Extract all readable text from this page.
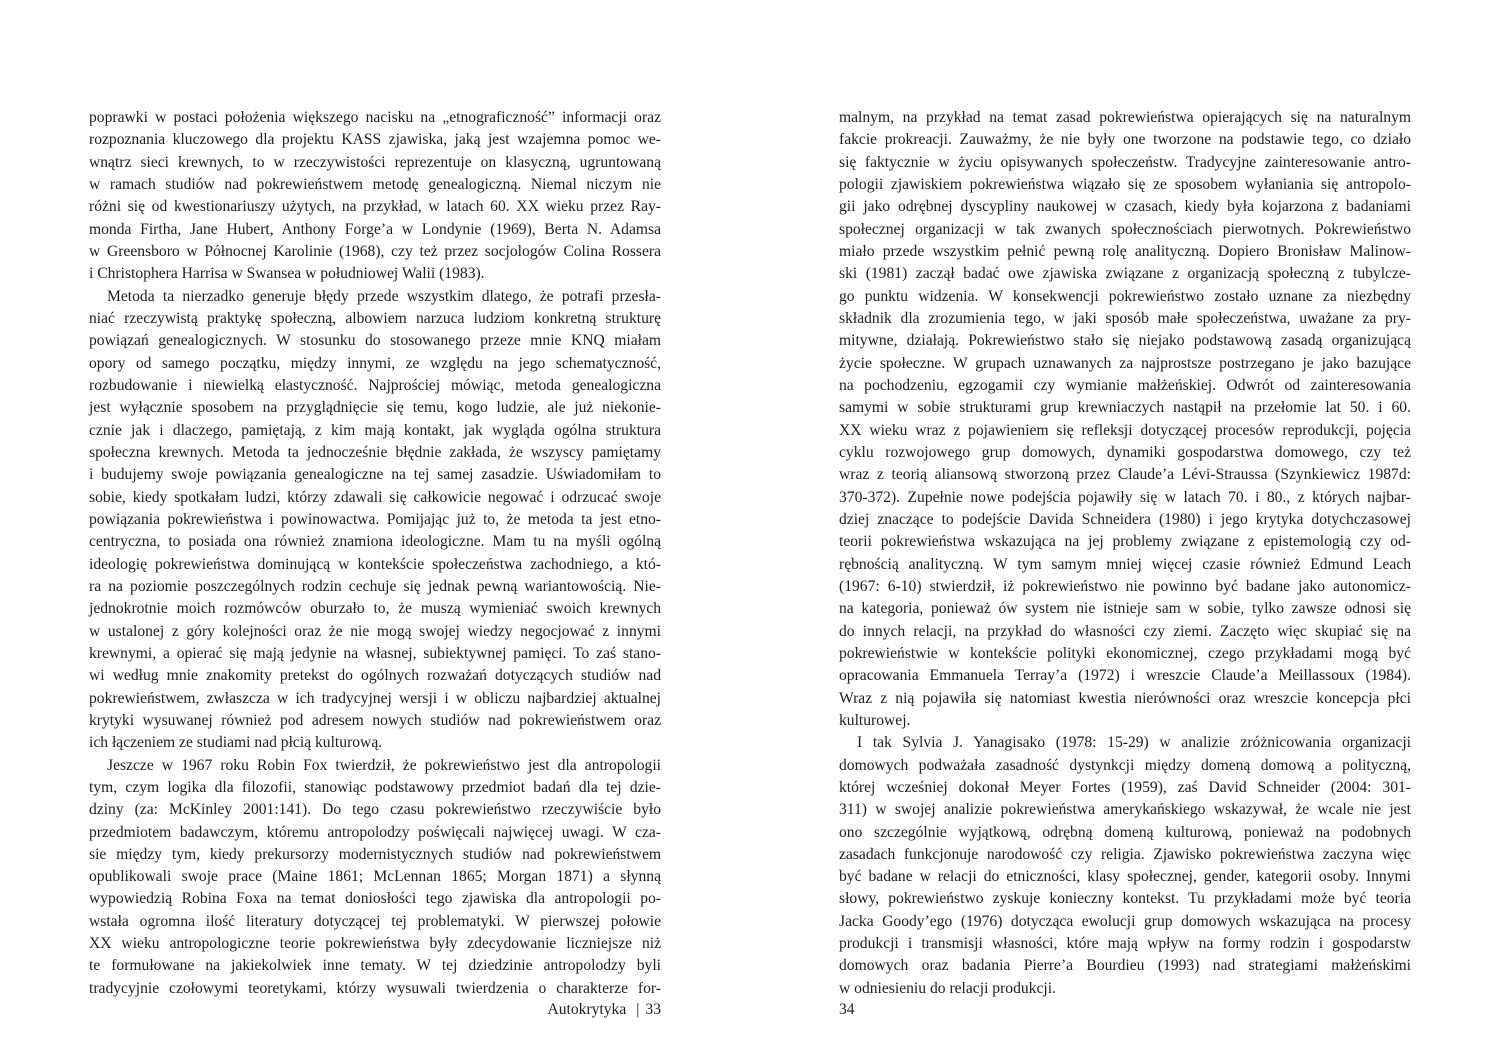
poprawki w postaci położenia większego nacisku na „etnograficzność” informacji oraz
rozpoznania kluczowego dla projektu KASS zjawiska, jaką jest wzajemna pomoc we-
wnątrz sieci krewnych, to w rzeczywistości reprezentuje on klasyczną, ugruntowaną
w ramach studiów nad pokrewieństwem metodę genealogiczną. Niemal niczym nie
różni się od kwestionariuszy użytych, na przykład, w latach 60. XX wieku przez Ray-
monda Firtha, Jane Hubert, Anthony Forge’a w Londynie (1969), Berta N. Adamsa
w Greensboro w Północnej Karolinie (1968), czy też przez socjologów Colina Rossera
i Christophera Harrisa w Swansea w południowej Walii (1983).
Metoda ta nierzadko generuje błędy przede wszystkim dlatego, że potrafi przesła-
niać rzeczywistą praktykę społeczną, albowiem narzuca ludziom konkretną strukturę
powiązań genealogicznych. W stosunku do stosowanego przeze mnie KNQ miałam
opory od samego początku, między innymi, ze względu na jego schematyczność,
rozbudowanie i niewielką elastyczność. Najprościej mówiąc, metoda genealogiczna
jest wyłącznie sposobem na przyglądnięcie się temu, kogo ludzie, ale już niekonie-
cznie jak i dlaczego, pamiętają, z kim mają kontakt, jak wygląda ogólna struktura
społeczna krewnych. Metoda ta jednocześnie błędnie zakłada, że wszyscy pamiętamy
i budujemy swoje powiązania genealogiczne na tej samej zasadzie. Uświadomiłam to
sobie, kiedy spotkałam ludzi, którzy zdawali się całkowicie negować i odrzucać swoje
powiązania pokrewieństwa i powinowactwa. Pomijając już to, że metoda ta jest etno-
centryczna, to posiada ona również znamiona ideologiczne. Mam tu na myśli ogólną
ideologię pokrewieństwa dominującą w kontekście społeczeństwa zachodniego, a któ-
ra na poziomie poszczególnych rodzin cechuje się jednak pewną wariantowością. Nie-
jednokrotnie moich rozmówców oburzało to, że muszą wymieniać swoich krewnych
w ustalonej z góry kolejności oraz że nie mogą swojej wiedzy negocjować z innymi
krewnymi, a opierać się mają jedynie na własnej, subiektywnej pamięci. To zaś stano-
wi według mnie znakomity pretekst do ogólnych rozważań dotyczących studiów nad
pokrewieństwem, zwłaszcza w ich tradycyjnej wersji i w obliczu najbardziej aktualnej
krytyki wysuwanej również pod adresem nowych studiów nad pokrewieństwem oraz
ich łączeniem ze studiami nad płcią kulturową.
Jeszcze w 1967 roku Robin Fox twierdził, że pokrewieństwo jest dla antropologii
tym, czym logika dla filozofii, stanowiąc podstawowy przedmiot badań dla tej dzie-
dziny (za: McKinley 2001:141). Do tego czasu pokrewieństwo rzeczywiście było
przedmiotem badawczym, któremu antropolodzy poświęcali najwięcej uwagi. W cza-
sie między tym, kiedy prekursorzy modernistycznych studiów nad pokrewieństwem
opublikowali swoje prace (Maine 1861; McLennan 1865; Morgan 1871) a słynną
wypowiedzią Robina Foxa na temat doniosłości tego zjawiska dla antropologii po-
wstała ogromna ilość literatury dotyczącej tej problematyki. W pierwszej połowie
XX wieku antropologiczne teorie pokrewieństwa były zdecydowanie liczniejsze niż
te formułowane na jakiekolwiek inne tematy. W tej dziedzinie antropolodzy byli
tradycyjnie czołowymi teoretykami, którzy wysuwali twierdzenia o charakterze for-
Autokrytyka | 33
malnym, na przykład na temat zasad pokrewieństwa opierających się na naturalnym
fakcie prokreacji. Zauważmy, że nie były one tworzone na podstawie tego, co działo
się faktycznie w życiu opisywanych społeczeństw. Tradycyjne zainteresowanie antro-
pologii zjawiskiem pokrewieństwa wiązało się ze sposobem wyłaniania się antropolo-
gii jako odrębnej dyscypliny naukowej w czasach, kiedy była kojarzona z badaniami
społecznej organizacji w tak zwanych społecznościach pierwotnych. Pokrewieństwo
miało przede wszystkim pełnić pewną rolę analityczną. Dopiero Bronisław Malinow-
ski (1981) zaczął badać owe zjawiska związane z organizacją społeczną z tubylcze-
go punktu widzenia. W konsekwencji pokrewieństwo zostało uznane za niezbędny
składnik dla zrozumienia tego, w jaki sposób małe społeczeństwa, uważane za pry-
mitywne, działają. Pokrewieństwo stało się niejako podstawową zasadą organizującą
życie społeczne. W grupach uznawanych za najprostsze postrzegano je jako bazujące
na pochodzeniu, egzogamii czy wymianie małżeńskiej. Odwrót od zainteresowania
samymi w sobie strukturami grup krewniaczych nastąpił na przełomie lat 50. i 60.
XX wieku wraz z pojawieniem się refleksji dotyczącej procesów reprodukcji, pojęcia
cyklu rozwojowego grup domowych, dynamiki gospodarstwa domowego, czy też
wraz z teorią aliansową stworzoną przez Claude’a Lévi-Straussa (Szynkiewicz 1987d:
370-372). Zupełnie nowe podejścia pojawiły się w latach 70. i 80., z których najbar-
dziej znaczące to podejście Davida Schneidera (1980) i jego krytyka dotychczasowej
teorii pokrewieństwa wskazująca na jej problemy związane z epistemologią czy od-
rębnością analityczną. W tym samym mniej więcej czasie również Edmund Leach
(1967: 6-10) stwierdził, iż pokrewieństwo nie powinno być badane jako autonomicz-
na kategoria, ponieważ ów system nie istnieje sam w sobie, tylko zawsze odnosi się
do innych relacji, na przykład do własności czy ziemi. Zaczęto więc skupiać się na
pokrewieństwie w kontekście polityki ekonomicznej, czego przykładami mogą być
opracowania Emmanuela Terray’a (1972) i wreszcie Claude’a Meillassoux (1984).
Wraz z nią pojawiła się natomiast kwestia nierówności oraz wreszcie koncepcja płci
kulturowej.
I tak Sylvia J. Yanagisako (1978: 15-29) w analizie zróżnicowania organizacji
domowych podważała zasadność dystynkcji między domeną domową a polityczną,
której wcześniej dokonał Meyer Fortes (1959), zaś David Schneider (2004: 301-
311) w swojej analizie pokrewieństwa amerykańskiego wskazywał, że wcale nie jest
ono szczególnie wyjątkową, odrębną domeną kulturową, ponieważ na podobnych
zasadach funkcjonuje narodowość czy religia. Zjawisko pokrewieństwa zaczyna więc
być badane w relacji do etniczności, klasy społecznej, gender, kategorii osoby. Innymi
słowy, pokrewieństwo zyskuje konieczny kontekst. Tu przykładami może być teoria
Jacka Goody’ego (1976) dotycząca ewolucji grup domowych wskazująca na procesy
produkcji i transmisji własności, które mają wpływ na formy rodzin i gospodarstw
domowych oraz badania Pierre’a Bourdieu (1993) nad strategiami małżeńskimi
w odniesieniu do relacji produkcji.
34
